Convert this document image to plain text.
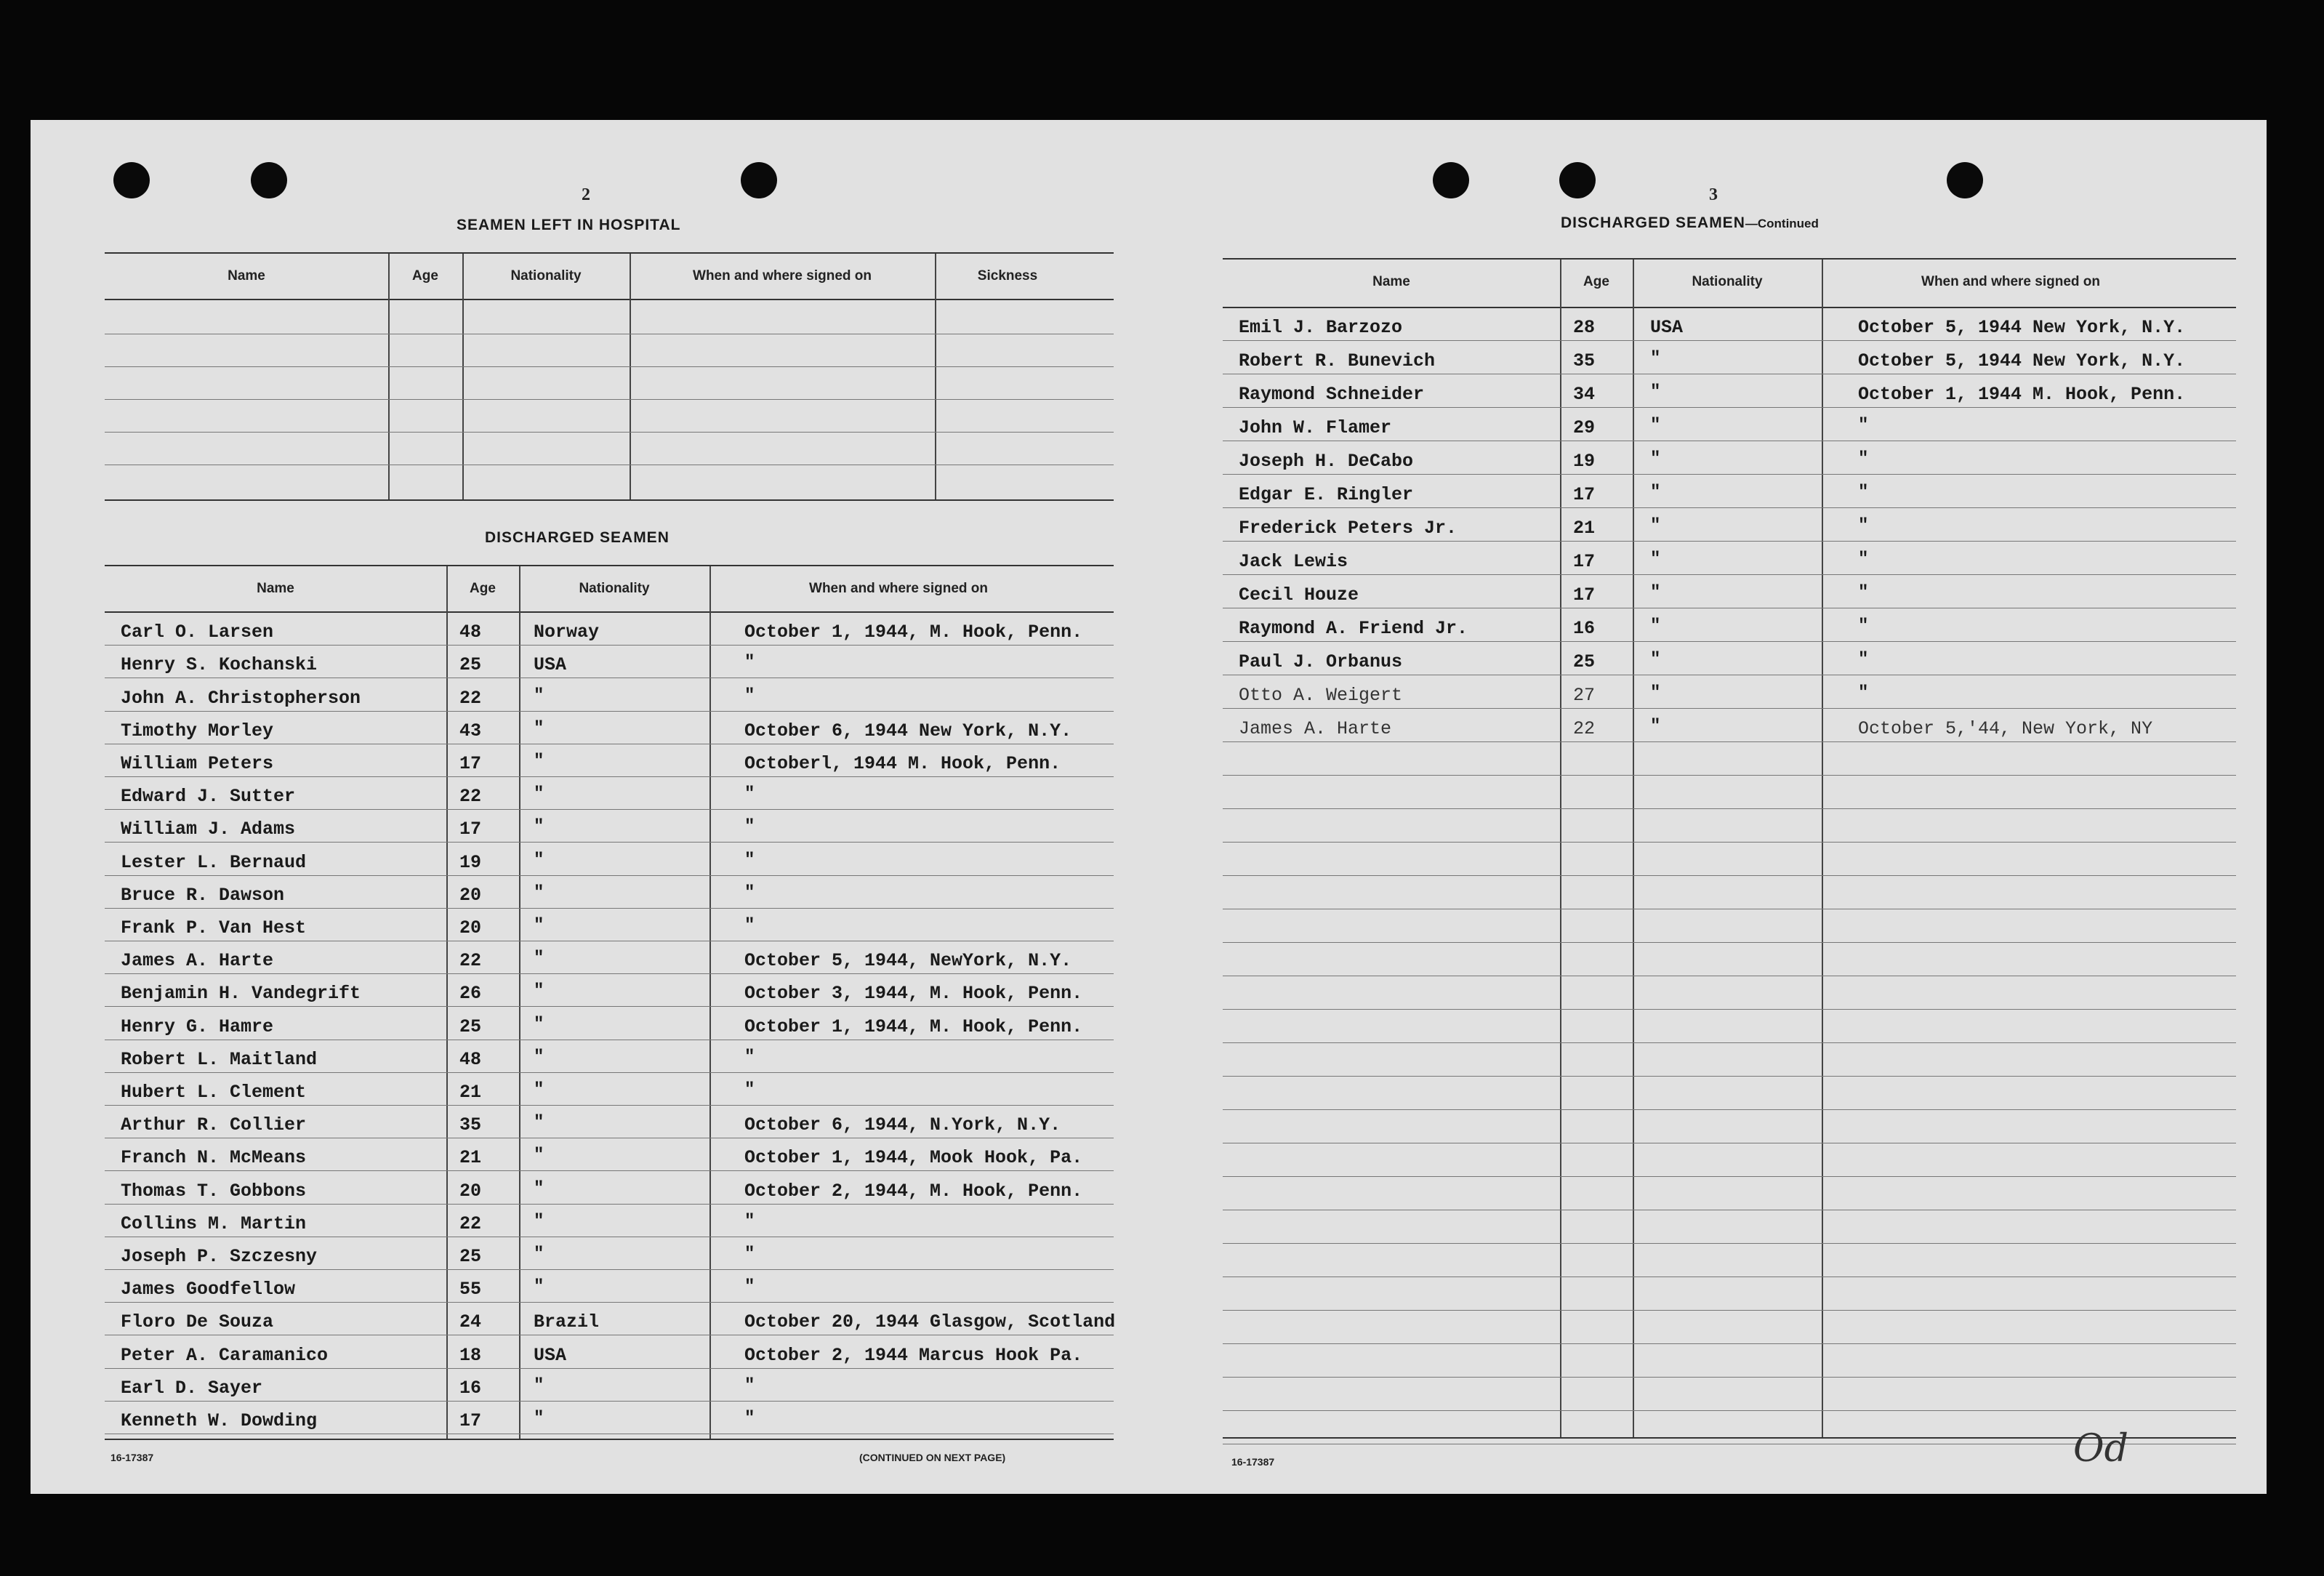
2
SEAMEN LEFT IN HOSPITAL
Name	Age	Nationality	When and where signed on	Sickness
DISCHARGED SEAMEN
Name	Age	Nationality	When and where signed on
Carl O. Larsen	48	Norway	October 1, 1944, M. Hook, Penn.
Henry S. Kochanski	25	USA	"
John A. Christopherson	22	"	"
Timothy Morley	43	"	October 6, 1944 New York, N.Y.
William Peters	17	"	Octoberl, 1944 M. Hook, Penn.
Edward J. Sutter	22	"	"
William J. Adams	17	"	"
Lester L. Bernaud	19	"	"
Bruce R. Dawson	20	"	"
Frank P. Van Hest	20	"	"
James A. Harte	22	"	October 5, 1944, NewYork, N.Y.
Benjamin H. Vandegrift	26	"	October 3, 1944, M. Hook, Penn.
Henry G. Hamre	25	"	October 1, 1944, M. Hook, Penn.
Robert L. Maitland	48	"	"
Hubert L. Clement	21	"	"
Arthur R. Collier	35	"	October 6, 1944, N.York, N.Y.
Franch N. McMeans	21	"	October 1, 1944, Mook Hook, Pa.
Thomas T. Gobbons	20	"	October 2, 1944, M. Hook, Penn.
Collins M. Martin	22	"	"
Joseph P. Szczesny	25	"	"
James Goodfellow	55	"	"
Floro De Souza	24	Brazil	October 20, 1944 Glasgow, Scotland
Peter A. Caramanico	18	USA	October 2, 1944 Marcus Hook Pa.
Earl D. Sayer	16	"	"
Kenneth W. Dowding	17	"	"
16-17387	(CONTINUED ON NEXT PAGE)
3
DISCHARGED SEAMEN—Continued
Name	Age	Nationality	When and where signed on
Emil J. Barzozo	28	USA	October 5, 1944 New York, N.Y.
Robert R. Bunevich	35	"	October 5, 1944 New York, N.Y.
Raymond Schneider	34	"	October 1, 1944 M. Hook, Penn.
John W. Flamer	29	"	"
Joseph H. DeCabo	19	"	"
Edgar E. Ringler	17	"	"
Frederick Peters Jr.	21	"	"
Jack Lewis	17	"	"
Cecil Houze	17	"	"
Raymond A. Friend Jr.	16	"	"
Paul J. Orbanus	25	"	"
Otto A. Weigert	27	"	"
James A. Harte	22	"	October 5,'44, New York, NY
16-17387	Od
